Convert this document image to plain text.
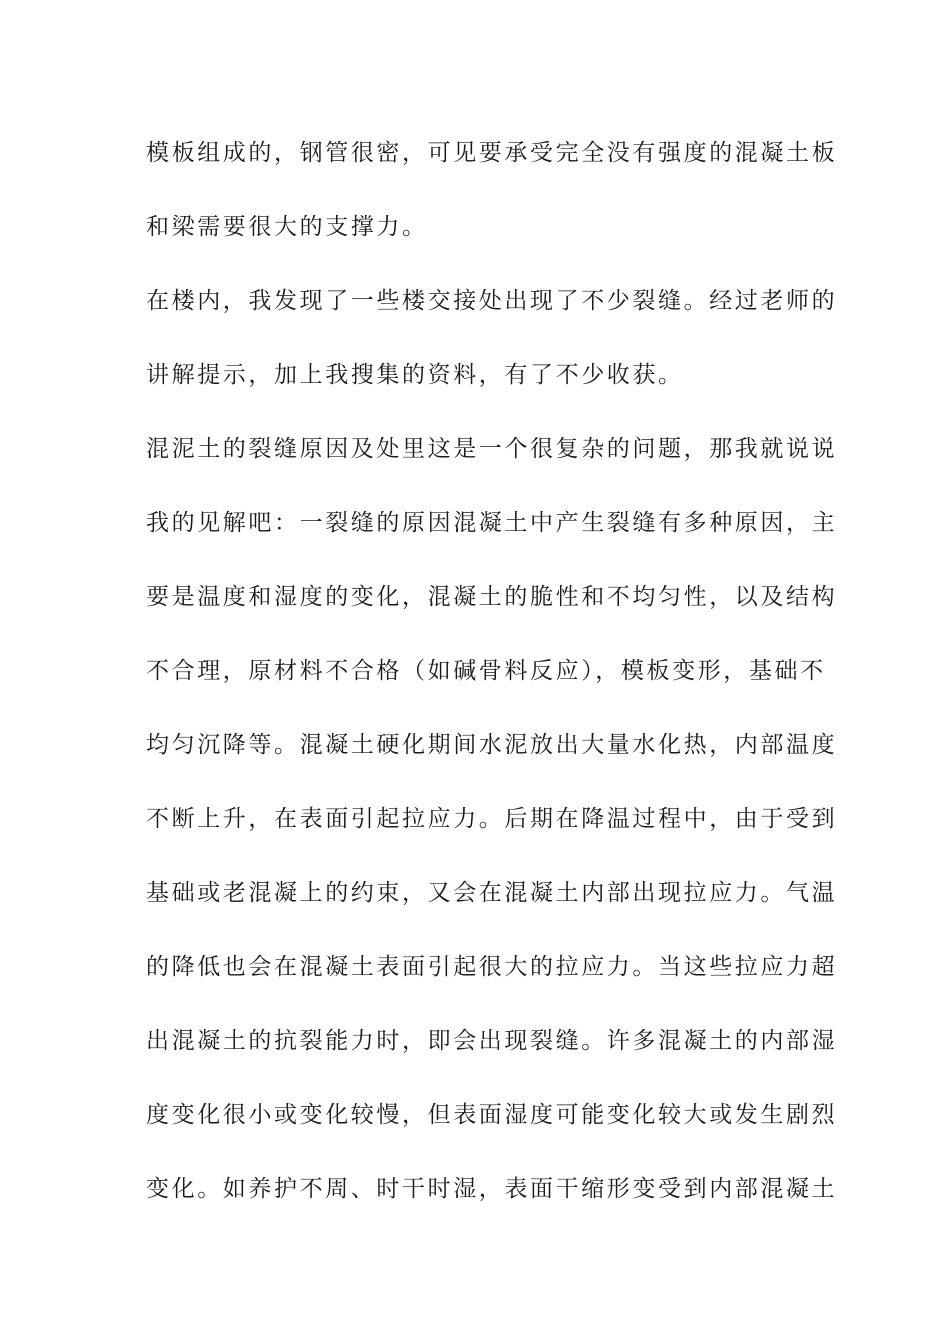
模板组成的，钢管很密，可见要承受完全没有强度的混凝土板
和梁需要很大的支撑力。
在楼内，我发现了一些楼交接处出现了不少裂缝。经过老师的
讲解提示，加上我搜集的资料，有了不少收获。
混泥土的裂缝原因及处里这是一个很复杂的问题，那我就说说
我的见解吧：一裂缝的原因混凝土中产生裂缝有多种原因，主
要是温度和湿度的变化，混凝土的脆性和不均匀性，以及结构
不合理，原材料不合格（如碱骨料反应），模板变形，基础不
均匀沉降等。混凝土硬化期间水泥放出大量水化热，内部温度
不断上升，在表面引起拉应力。后期在降温过程中，由于受到
基础或老混凝上的约束，又会在混凝土内部出现拉应力。气温
的降低也会在混凝土表面引起很大的拉应力。当这些拉应力超
出混凝土的抗裂能力时，即会出现裂缝。许多混凝土的内部湿
度变化很小或变化较慢，但表面湿度可能变化较大或发生剧烈
变化。如养护不周、时干时湿，表面干缩形变受到内部混凝土
